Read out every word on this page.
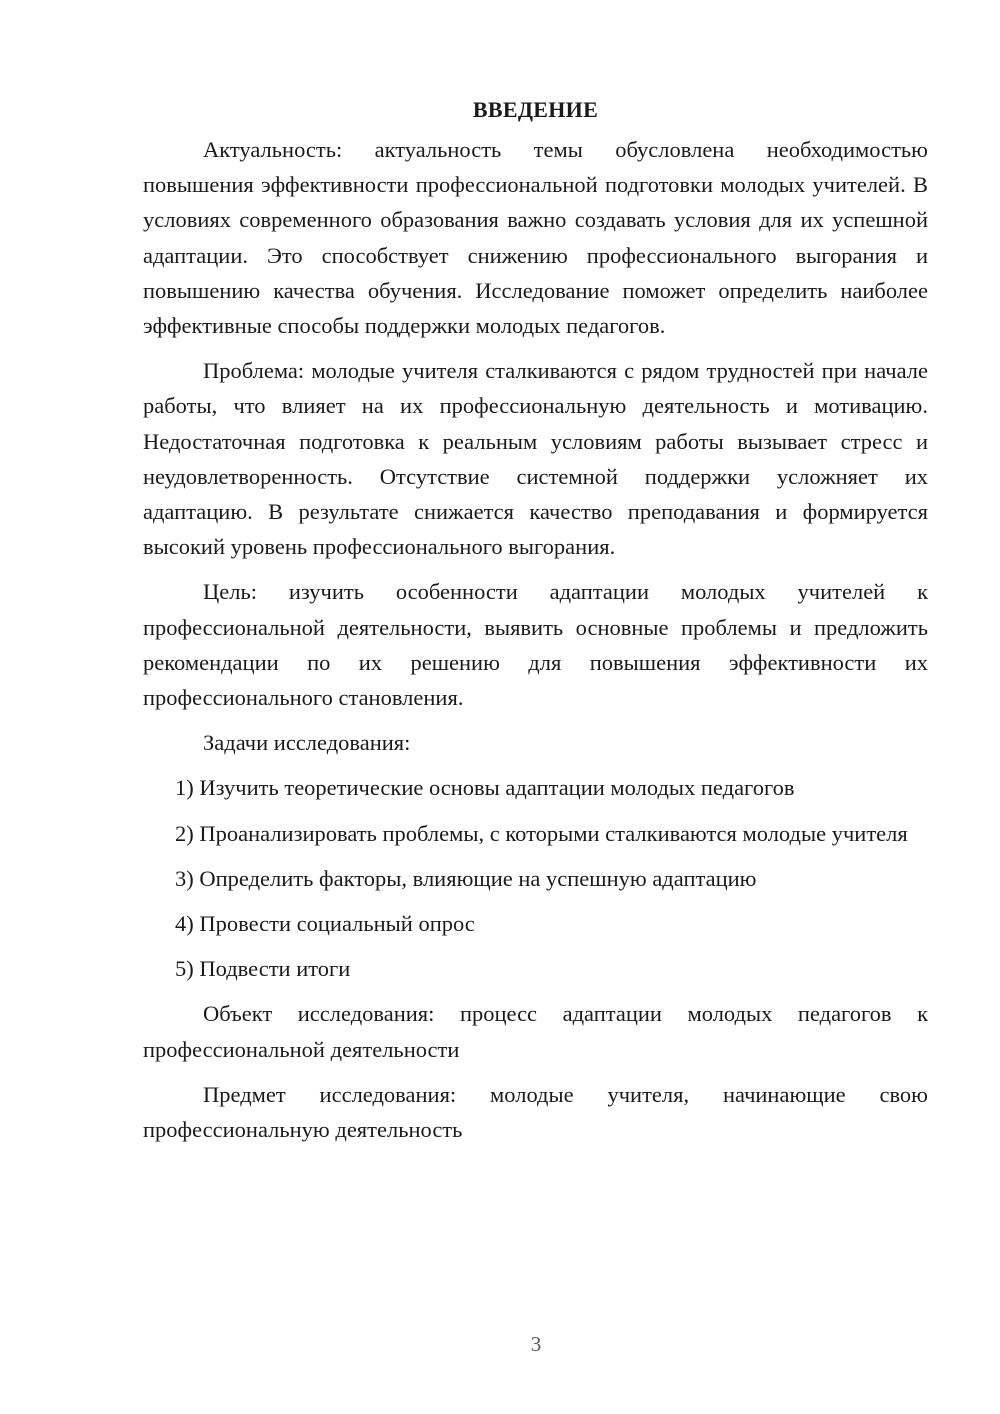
ВВЕДЕНИЕ

Актуальность: актуальность темы обусловлена необходимостью повышения эффективности профессиональной подготовки молодых учителей. В условиях современного образования важно создавать условия для их успешной адаптации. Это способствует снижению профессионального выгорания и повышению качества обучения. Исследование поможет определить наиболее эффективные способы поддержки молодых педагогов.

Проблема: молодые учителя сталкиваются с рядом трудностей при начале работы, что влияет на их профессиональную деятельность и мотивацию. Недостаточная подготовка к реальным условиям работы вызывает стресс и неудовлетворенность. Отсутствие системной поддержки усложняет их адаптацию. В результате снижается качество преподавания и формируется высокий уровень профессионального выгорания.

Цель: изучить особенности адаптации молодых учителей к профессиональной деятельности, выявить основные проблемы и предложить рекомендации по их решению для повышения эффективности их профессионального становления.

Задачи исследования:

1) Изучить теоретические основы адаптации молодых педагогов

2) Проанализировать проблемы, с которыми сталкиваются молодые учителя

3) Определить факторы, влияющие на успешную адаптацию

4) Провести социальный опрос

5) Подвести итоги

Объект исследования: процесс адаптации молодых педагогов к профессиональной деятельности

Предмет исследования: молодые учителя, начинающие свою профессиональную деятельность

3
